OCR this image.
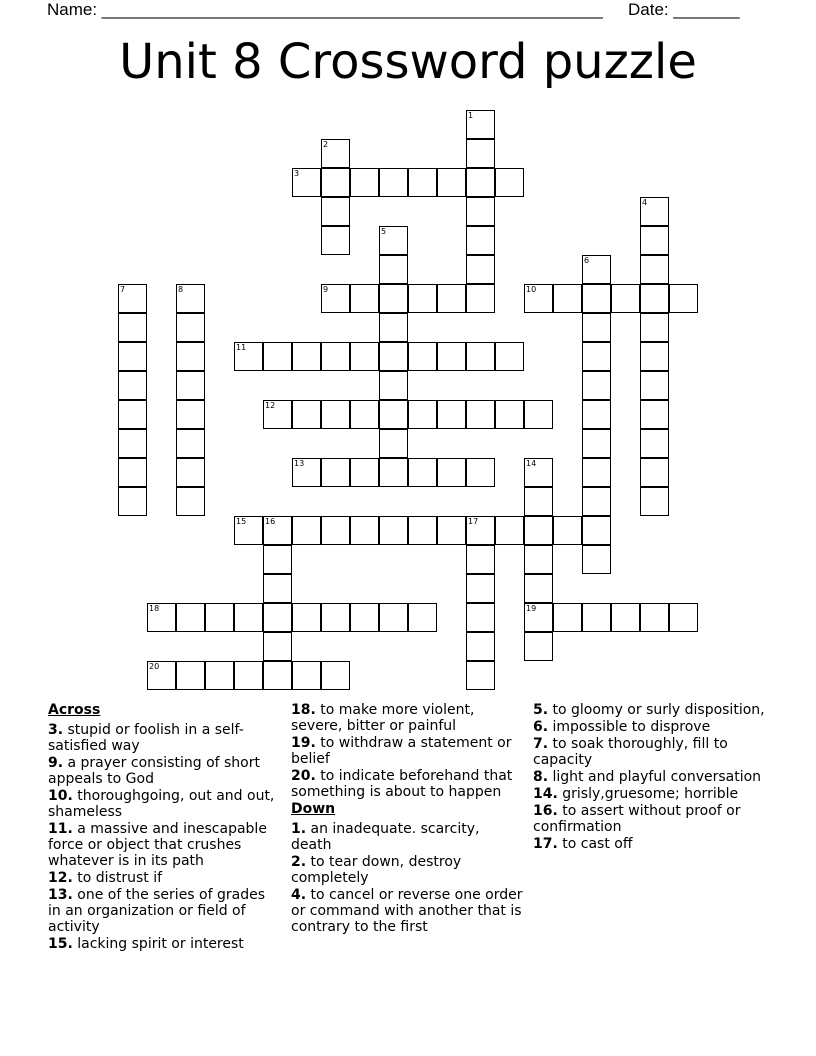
Name: _____________________________________________________ Date: _______
Unit 8 Crossword puzzle
1
2
3
4
5
6
7	8	9	10
11
12
13	14
15 16	17
18	19
20
Across
3. stupid or foolish in a self-satisfied way
9. a prayer consisting of short appeals to God
10. thoroughgoing, out and out, shameless
11. a massive and inescapable force or object that crushes whatever is in its path
12. to distrust if
13. one of the series of grades in an organization or field of activity
15. lacking spirit or interest
18. to make more violent, severe, bitter or painful
19. to withdraw a statement or belief
20. to indicate beforehand that something is about to happen
Down
1. an inadequate. scarcity, death
2. to tear down, destroy completely
4. to cancel or reverse one order or command with another that is contrary to the first
5. to gloomy or surly disposition,
6. impossible to disprove
7. to soak thoroughly, fill to capacity
8. light and playful conversation
14. grisly,gruesome; horrible
16. to assert without proof or confirmation
17. to cast off
